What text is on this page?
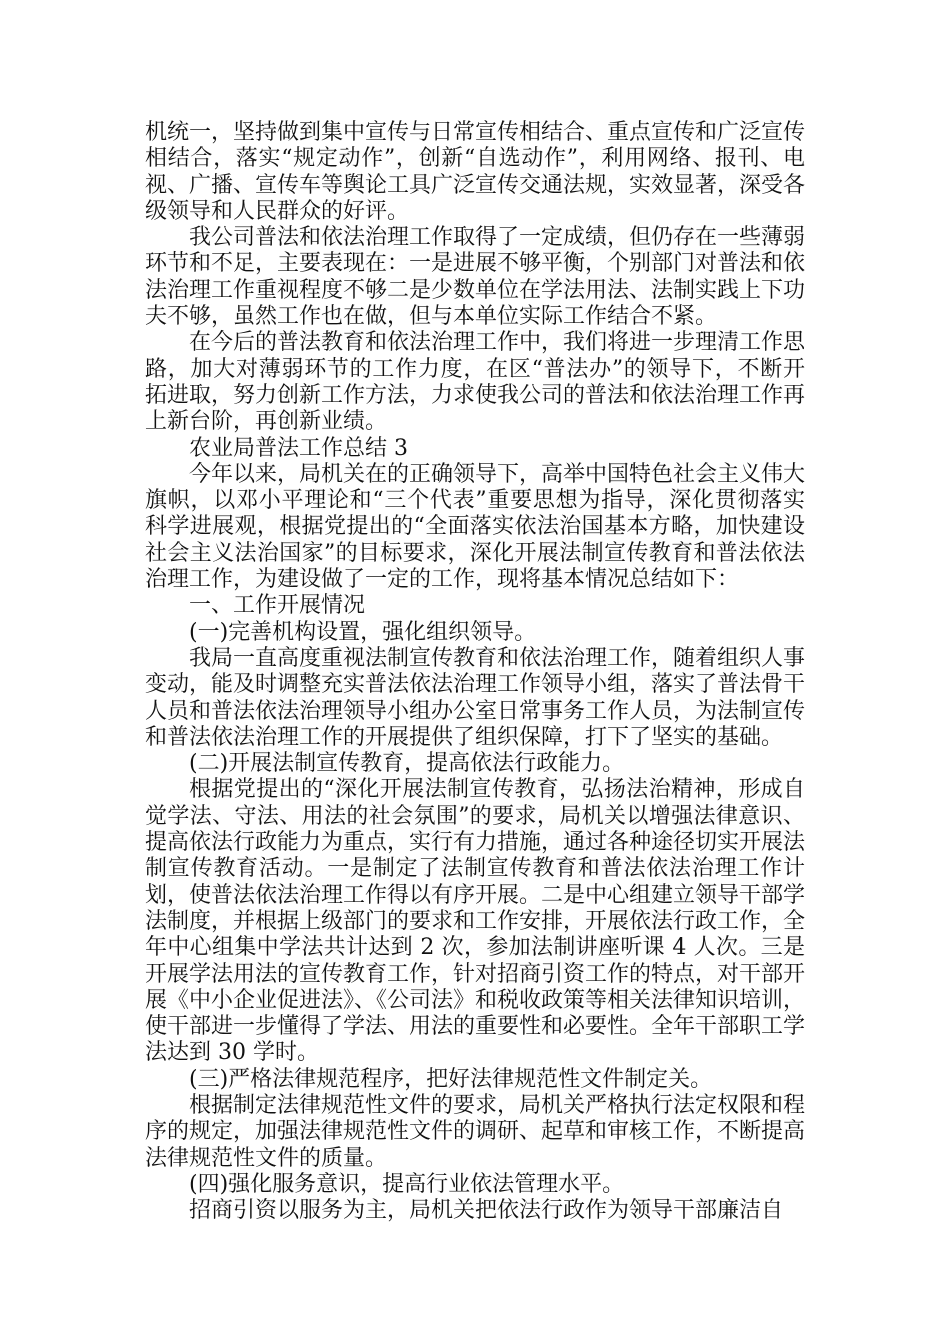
机统一，坚持做到集中宣传与日常宣传相结合、重点宣传和广泛宣传相结合，落实“规定动作”，创新“自选动作”，利用网络、报刊、电视、广播、宣传车等舆论工具广泛宣传交通法规，实效显著，深受各级领导和人民群众的好评。

我公司普法和依法治理工作取得了一定成绩，但仍存在一些薄弱环节和不足，主要表现在：一是进展不够平衡，个别部门对普法和依法治理工作重视程度不够二是少数单位在学法用法、法制实践上下功夫不够，虽然工作也在做，但与本单位实际工作结合不紧。

在今后的普法教育和依法治理工作中，我们将进一步理清工作思路，加大对薄弱环节的工作力度，在区“普法办”的领导下，不断开拓进取，努力创新工作方法，力求使我公司的普法和依法治理工作再上新台阶，再创新业绩。

农业局普法工作总结 3

今年以来，局机关在的正确领导下，高举中国特色社会主义伟大旗帜，以邓小平理论和“三个代表”重要思想为指导，深化贯彻落实科学进展观，根据党提出的“全面落实依法治国基本方略，加快建设社会主义法治国家”的目标要求，深化开展法制宣传教育和普法依法治理工作，为建设做了一定的工作，现将基本情况总结如下：

一、工作开展情况

(一)完善机构设置，强化组织领导。

我局一直高度重视法制宣传教育和依法治理工作，随着组织人事变动，能及时调整充实普法依法治理工作领导小组，落实了普法骨干人员和普法依法治理领导小组办公室日常事务工作人员，为法制宣传和普法依法治理工作的开展提供了组织保障，打下了坚实的基础。

(二)开展法制宣传教育，提高依法行政能力。

根据党提出的“深化开展法制宣传教育，弘扬法治精神，形成自觉学法、守法、用法的社会氛围”的要求，局机关以增强法律意识、提高依法行政能力为重点，实行有力措施，通过各种途径切实开展法制宣传教育活动。一是制定了法制宣传教育和普法依法治理工作计划，使普法依法治理工作得以有序开展。二是中心组建立领导干部学法制度，并根据上级部门的要求和工作安排，开展依法行政工作，全年中心组集中学法共计达到 2 次，参加法制讲座听课 4 人次。三是开展学法用法的宣传教育工作，针对招商引资工作的特点，对干部开展《中小企业促进法》、《公司法》和税收政策等相关法律知识培训，使干部进一步懂得了学法、用法的重要性和必要性。全年干部职工学法达到 30 学时。

(三)严格法律规范程序，把好法律规范性文件制定关。

根据制定法律规范性文件的要求，局机关严格执行法定权限和程序的规定，加强法律规范性文件的调研、起草和审核工作，不断提高法律规范性文件的质量。

(四)强化服务意识，提高行业依法管理水平。

招商引资以服务为主，局机关把依法行政作为领导干部廉洁自
